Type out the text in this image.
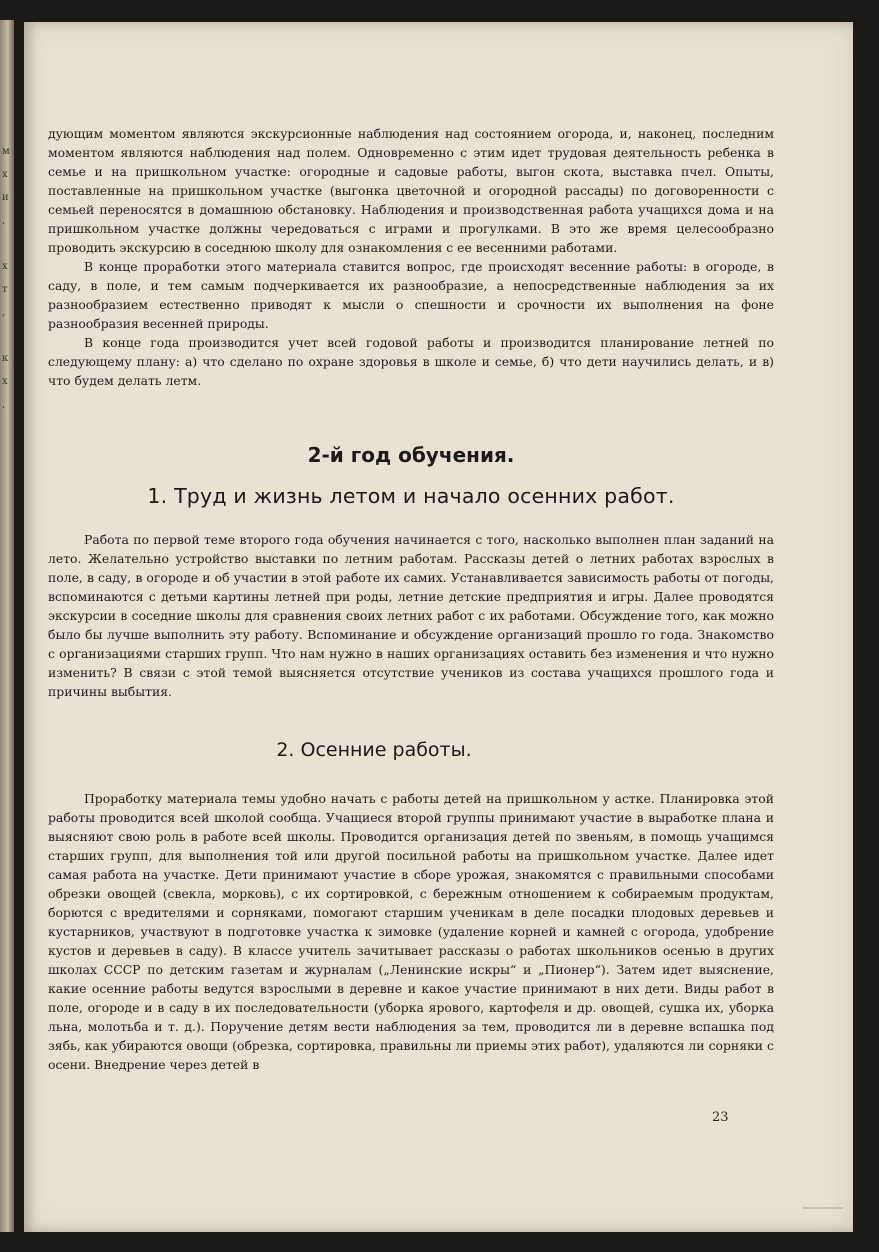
м
х
и
,

х
т
,

к
х
,

дующим моментом являются экскурсионные наблюдения над состоянием огорода, и, наконец, последним моментом являются наблюдения над полем. Одновременно с этим идет трудовая деятельность ребенка в семье и на пришкольном участке: огородные и садовые работы, выгон скота, выставка пчел. Опыты, поставленные на пришкольном участке (выгонка цветочной и огородной рассады) по договоренности с семьей переносятся в домашнюю обстановку. Наблюдения и производственная работа учащихся дома и на пришкольном участке должны чередоваться с играми и прогулками. В это же время целесообразно проводить экскурсию в соседнюю школу для ознакомления с ее весенними работами.

В конце проработки этого материала ставится вопрос, где происходят весенние работы: в огороде, в саду, в поле, и тем самым подчеркивается их разнообразие, а непосредственные наблюдения за их разнообразием естественно приводят к мысли о спешности и срочности их выполнения на фоне разнообразия весенней природы.

В конце года производится учет всей годовой работы и производится планирование летней по следующему плану: а) что сделано по охране здоровья в школе и семье, б) что дети научились делать, и в) что будем делать летм.

2-й год обучения.
1. Труд и жизнь летом и начало осенних работ.

Работа по первой теме второго года обучения начинается с того, насколько выполнен план заданий на лето. Желательно устройство выставки по летним работам. Рассказы детей о летних работах взрослых в поле, в саду, в огороде и об участии в этой работе их самих. Устанавливается зависимость работы от погоды, вспоминаются с детьми картины летней при роды, летние детские предприятия и игры. Далее проводятся экскурсии в соседние школы для сравнения своих летних работ с их работами. Обсуждение того, как можно было бы лучше выполнить эту работу. Вспоминание и обсуждение организаций прошло го года. Знакомство с организациями старших групп. Что нам нужно в наших организациях оставить без изменения и что нужно изменить? В связи с этой темой выясняется отсутствие учеников из состава учащихся прошлого года и причины выбытия.

2. Осенние работы.

Проработку материала темы удобно начать с работы детей на пришкольном у астке. Планировка этой работы проводится всей школой сообща. Учащиеся второй группы принимают участие в выработке плана и выясняют свою роль в работе всей школы. Проводится организация детей по звеньям, в помощь учащимся старших групп, для выполнения той или другой посильной работы на пришкольном участке. Далее идет самая работа на участке. Дети принимают участие в сборе урожая, знакомятся с правильными способами обрезки овощей (свекла, морковь), с их сортировкой, с бережным отношением к собираемым продуктам, борются с вредителями и сорняками, помогают старшим ученикам в деле посадки плодовых деревьев и кустарников, участвуют в подготовке участка к зимовке (удаление корней и камней с огорода, удобрение кустов и деревьев в саду). В классе учитель зачитывает рассказы о работах школьников осенью в других школах СССР по детским газетам и журналам („Ленинские искры“ и „Пионер“). Затем идет выяснение, какие осенние работы ведутся взрослыми в деревне и какое участие принимают в них дети. Виды работ в поле, огороде и в саду в их последовательности (уборка ярового, картофеля и др. овощей, сушка их, уборка льна, молотьба и т. д.). Поручение детям вести наблюдения за тем, проводится ли в деревне вспашка под зябь, как убираются овощи (обрезка, сортировка, правильны ли приемы этих работ), удаляются ли сорняки с осени. Внедрение через детей в

23
